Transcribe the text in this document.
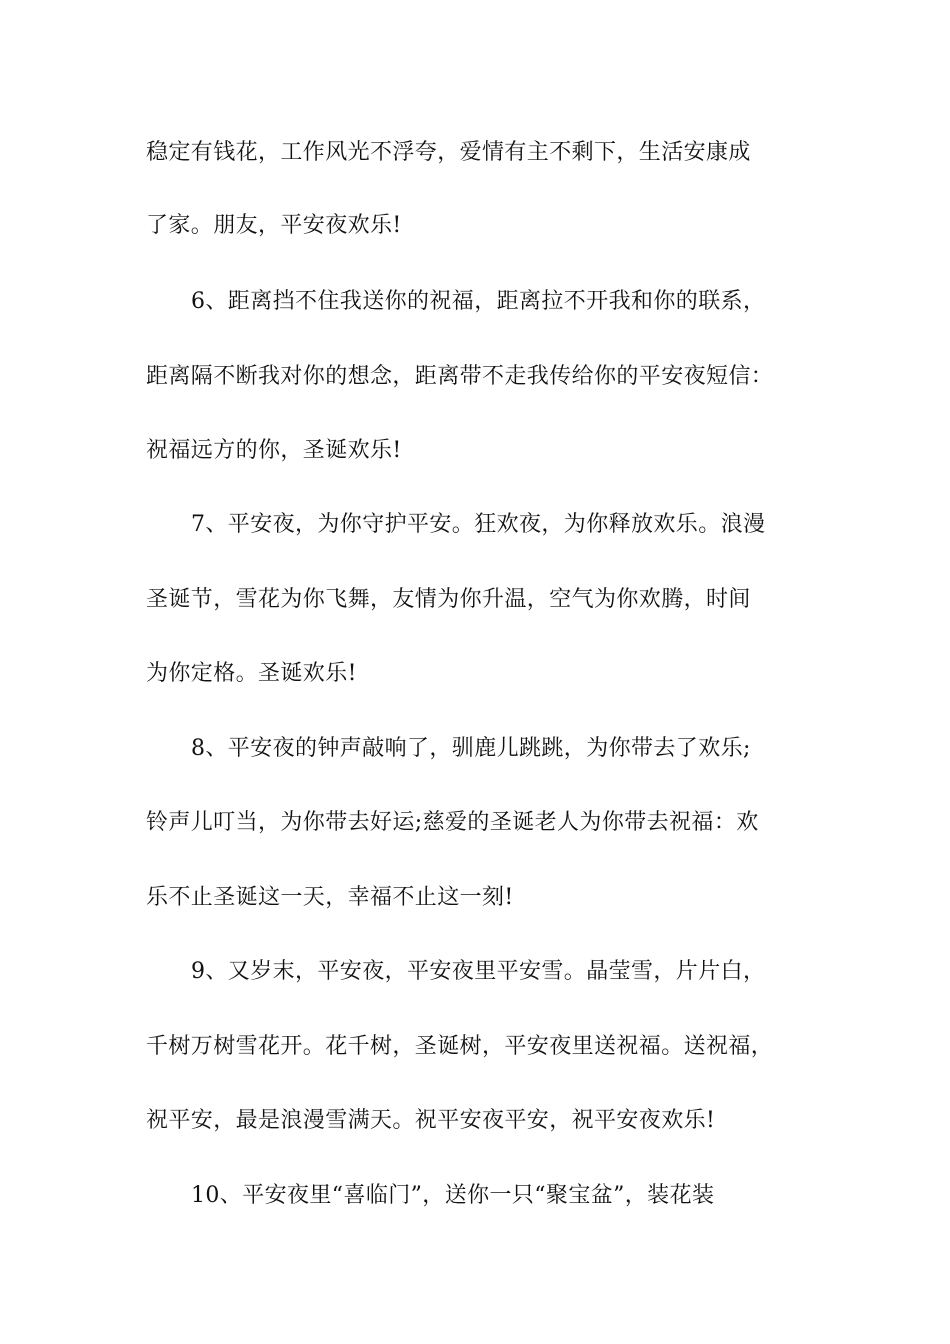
稳定有钱花，工作风光不浮夸，爱情有主不剩下，生活安康成
了家。朋友，平安夜欢乐!
6、距离挡不住我送你的祝福，距离拉不开我和你的联系，
距离隔不断我对你的想念，距离带不走我传给你的平安夜短信：
祝福远方的你，圣诞欢乐!
7、平安夜，为你守护平安。狂欢夜，为你释放欢乐。浪漫
圣诞节，雪花为你飞舞，友情为你升温，空气为你欢腾，时间
为你定格。圣诞欢乐!
8、平安夜的钟声敲响了，驯鹿儿跳跳，为你带去了欢乐;
铃声儿叮当，为你带去好运;慈爱的圣诞老人为你带去祝福：欢
乐不止圣诞这一天，幸福不止这一刻!
9、又岁末，平安夜，平安夜里平安雪。晶莹雪，片片白，
千树万树雪花开。花千树，圣诞树，平安夜里送祝福。送祝福，
祝平安，最是浪漫雪满天。祝平安夜平安，祝平安夜欢乐!
10、平安夜里“喜临门”，送你一只“聚宝盆”，装花装
